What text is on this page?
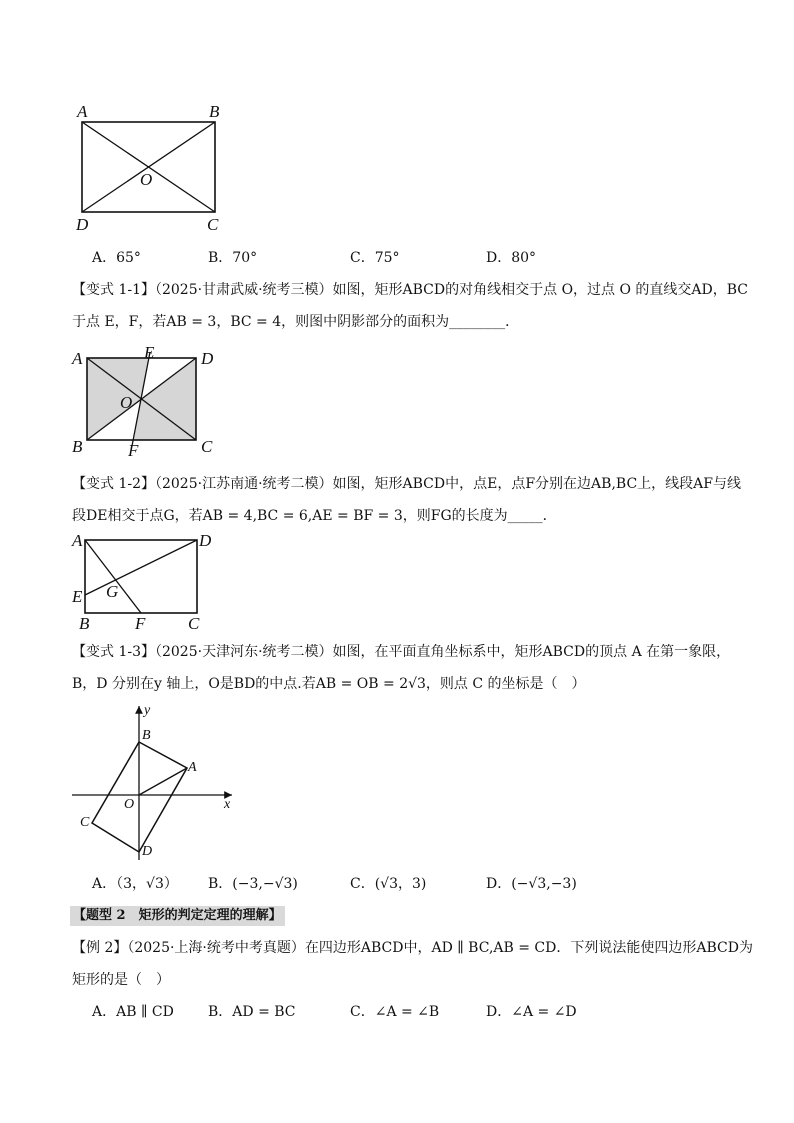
A	B
O
D	C
A．65°	B．70°	C．75°	D．80°
【变式 1-1】（2025·甘肃武威·统考三模）如图，矩形ABCD的对角线相交于点 O，过点 O 的直线交AD，BC
于点 E，F，若AB = 3，BC = 4，则图中阴影部分的面积为________．
A	E	D
O
B	F	C
【变式 1-2】（2025·江苏南通·统考二模）如图，矩形ABCD中，点E，点F分别在边AB,BC上，线段AF与线
段DE相交于点G，若AB = 4,BC = 6,AE = BF = 3，则FG的长度为_____．
A	D
G
E
B	F	C
【变式 1-3】（2025·天津河东·统考二模）如图，在平面直角坐标系中，矩形ABCD的顶点 A 在第一象限，
B，D 分别在y 轴上，O是BD的中点.若AB = OB = 2√3，则点 C 的坐标是（　）
y
x
B
A
O
C
D
A．（3，√3） B．(−3,−√3)	C．(√3，3)	D．(−√3,−3)
【题型 2　矩形的判定定理的理解】
【例 2】（2025·上海·统考中考真题）在四边形ABCD中，AD ∥ BC,AB = CD．下列说法能使四边形ABCD为
矩形的是（　）
A．AB ∥ CD B．AD = BC	C．∠A = ∠B	D．∠A = ∠D
